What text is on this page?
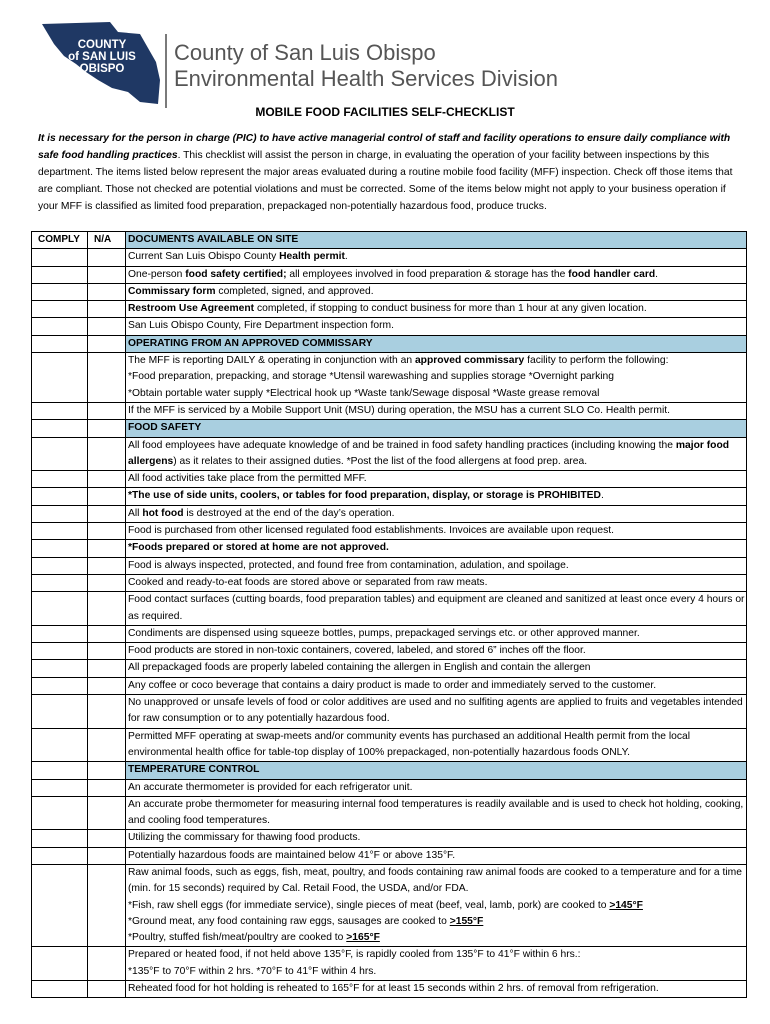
COUNTY
of SAN LUIS
OBISPO
County of San Luis Obispo
Environmental Health Services Division
MOBILE FOOD FACILITIES SELF-CHECKLIST
It is necessary for the person in charge (PIC) to have active managerial control of staff and facility operations to ensure daily compliance with safe food handling practices. This checklist will assist the person in charge, in evaluating the operation of your facility between inspections by this department. The items listed below represent the major areas evaluated during a routine mobile food facility (MFF) inspection. Check off those items that are compliant. Those not checked are potential violations and must be corrected. Some of the items below might not apply to your business operation if your MFF is classified as limited food preparation, prepackaged non-potentially hazardous food, produce trucks.
COMPLY	N/A	DOCUMENTS AVAILABLE ON SITE
		Current San Luis Obispo County Health permit.
		One-person food safety certified; all employees involved in food preparation & storage has the food handler card.
		Commissary form completed, signed, and approved.
		Restroom Use Agreement completed, if stopping to conduct business for more than 1 hour at any given location.
		San Luis Obispo County, Fire Department inspection form.
		OPERATING FROM AN APPROVED COMMISSARY
		The MFF is reporting DAILY & operating in conjunction with an approved commissary facility to perform the following:
*Food preparation, prepacking, and storage *Utensil warewashing and supplies storage *Overnight parking
*Obtain portable water supply *Electrical hook up *Waste tank/Sewage disposal *Waste grease removal
		If the MFF is serviced by a Mobile Support Unit (MSU) during operation, the MSU has a current SLO Co. Health permit.
		FOOD SAFETY
		All food employees have adequate knowledge of and be trained in food safety handling practices (including knowing the major food allergens) as it relates to their assigned duties. *Post the list of the food allergens at food prep. area.
		All food activities take place from the permitted MFF.
		*The use of side units, coolers, or tables for food preparation, display, or storage is PROHIBITED.
		All hot food is destroyed at the end of the day’s operation.
		Food is purchased from other licensed regulated food establishments. Invoices are available upon request.
		*Foods prepared or stored at home are not approved.
		Food is always inspected, protected, and found free from contamination, adulation, and spoilage.
		Cooked and ready-to-eat foods are stored above or separated from raw meats.
		Food contact surfaces (cutting boards, food preparation tables) and equipment are cleaned and sanitized at least once every 4 hours or as required.
		Condiments are dispensed using squeeze bottles, pumps, prepackaged servings etc. or other approved manner.
		Food products are stored in non-toxic containers, covered, labeled, and stored 6” inches off the floor.
		All prepackaged foods are properly labeled containing the allergen in English and contain the allergen
		Any coffee or coco beverage that contains a dairy product is made to order and immediately served to the customer.
		No unapproved or unsafe levels of food or color additives are used and no sulfiting agents are applied to fruits and vegetables intended for raw consumption or to any potentially hazardous food.
		Permitted MFF operating at swap-meets and/or community events has purchased an additional Health permit from the local environmental health office for table-top display of 100% prepackaged, non-potentially hazardous foods ONLY.
		TEMPERATURE CONTROL
		An accurate thermometer is provided for each refrigerator unit.
		An accurate probe thermometer for measuring internal food temperatures is readily available and is used to check hot holding, cooking, and cooling food temperatures.
		Utilizing the commissary for thawing food products.
		Potentially hazardous foods are maintained below 41°F or above 135°F.
		Raw animal foods, such as eggs, fish, meat, poultry, and foods containing raw animal foods are cooked to a temperature and for a time (min. for 15 seconds) required by Cal. Retail Food, the USDA, and/or FDA.
*Fish, raw shell eggs (for immediate service), single pieces of meat (beef, veal, lamb, pork) are cooked to >145°F
*Ground meat, any food containing raw eggs, sausages are cooked to >155°F
*Poultry, stuffed fish/meat/poultry are cooked to >165°F
		Prepared or heated food, if not held above 135°F, is rapidly cooled from 135°F to 41°F within 6 hrs.:
*135°F to 70°F within 2 hrs. *70°F to 41°F within 4 hrs.
		Reheated food for hot holding is reheated to 165°F for at least 15 seconds within 2 hrs. of removal from refrigeration.
